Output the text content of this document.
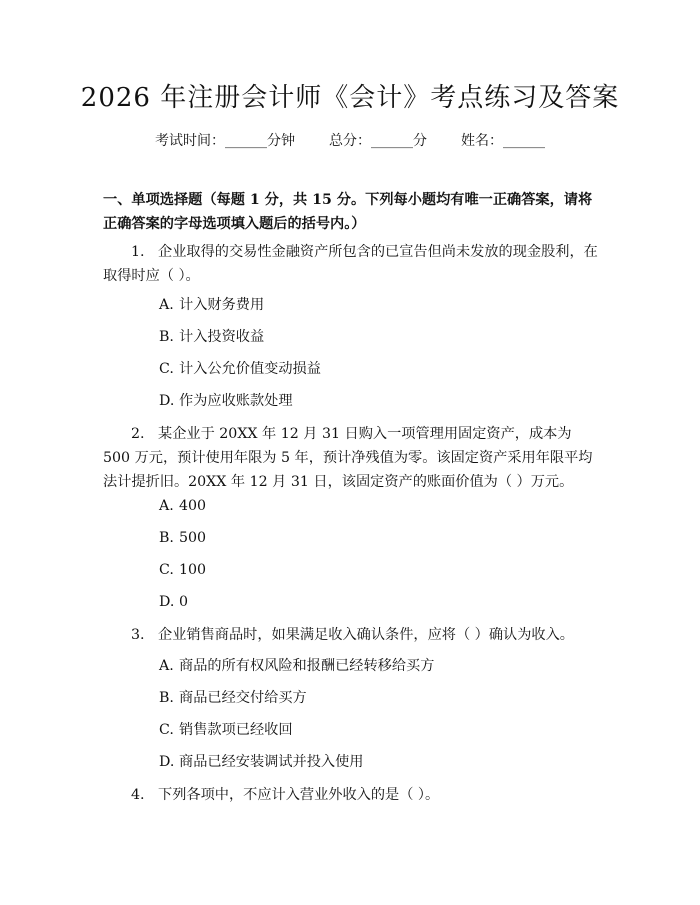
2026 年注册会计师《会计》考点练习及答案
考试时间：______分钟 总分：______分 姓名：______
一、单项选择题（每题 1 分，共 15 分。下列每小题均有唯一正确答案，请将正确答案的字母选项填入题后的括号内。）
1. 企业取得的交易性金融资产所包含的已宣告但尚未发放的现金股利，在取得时应（ ）。
A. 计入财务费用
B. 计入投资收益
C. 计入公允价值变动损益
D. 作为应收账款处理
2. 某企业于 20XX 年 12 月 31 日购入一项管理用固定资产，成本为 500 万元，预计使用年限为 5 年，预计净残值为零。该固定资产采用年限平均法计提折旧。20XX 年 12 月 31 日，该固定资产的账面价值为（ ）万元。
A. 400
B. 500
C. 100
D. 0
3. 企业销售商品时，如果满足收入确认条件，应将（ ）确认为收入。
A. 商品的所有权风险和报酬已经转移给买方
B. 商品已经交付给买方
C. 销售款项已经收回
D. 商品已经安装调试并投入使用
4. 下列各项中，不应计入营业外收入的是（ ）。
